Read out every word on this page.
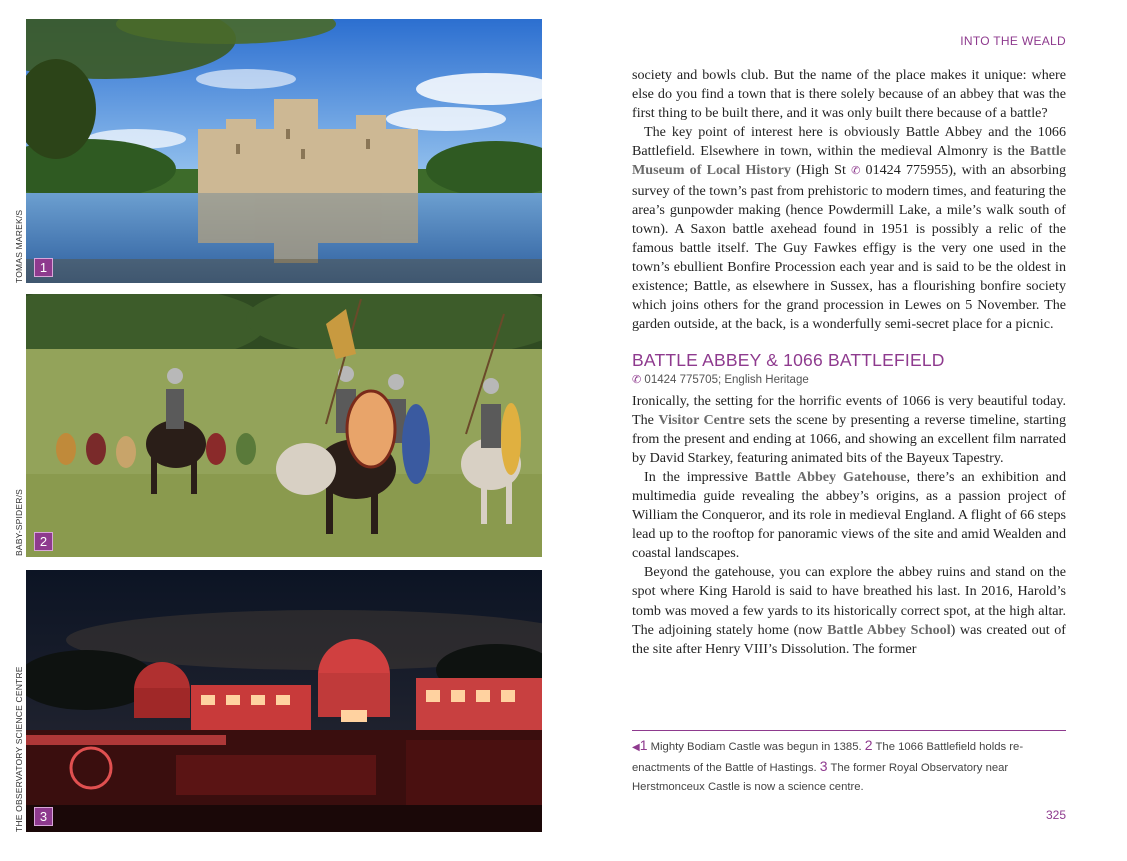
TOMAS MAREK/S
BABY-SPIDER/S
THE OBSERVATORY SCIENCE CENTRE
1
2
3
INTO THE WEALD

society and bowls club. But the name of the place makes it unique: where else do you find a town that is there solely because of an abbey that was the first thing to be built there, and it was only built there because of a battle?

The key point of interest here is obviously Battle Abbey and the 1066 Battlefield. Elsewhere in town, within the medieval Almonry is the Battle Museum of Local History (High St ✆ 01424 775955), with an absorbing survey of the town’s past from prehistoric to modern times, and featuring the area’s gunpowder making (hence Powdermill Lake, a mile’s walk south of town). A Saxon battle axehead found in 1951 is possibly a relic of the famous battle itself. The Guy Fawkes effigy is the very one used in the town’s ebullient Bonfire Procession each year and is said to be the oldest in existence; Battle, as elsewhere in Sussex, has a flourishing bonfire society which joins others for the grand procession in Lewes on 5 November. The garden outside, at the back, is a wonderfully semi-secret place for a picnic.

BATTLE ABBEY & 1066 BATTLEFIELD
✆ 01424 775705; English Heritage

Ironically, the setting for the horrific events of 1066 is very beautiful today. The Visitor Centre sets the scene by presenting a reverse timeline, starting from the present and ending at 1066, and showing an excellent film narrated by David Starkey, featuring animated bits of the Bayeux Tapestry.

In the impressive Battle Abbey Gatehouse, there’s an exhibition and multimedia guide revealing the abbey’s origins, as a passion project of William the Conqueror, and its role in medieval England. A flight of 66 steps lead up to the rooftop for panoramic views of the site and amid Wealden and coastal landscapes.

Beyond the gatehouse, you can explore the abbey ruins and stand on the spot where King Harold is said to have breathed his last. In 2016, Harold’s tomb was moved a few yards to its historically correct spot, at the high altar. The adjoining stately home (now Battle Abbey School) was created out of the site after Henry VIII’s Dissolution. The former

◀1 Mighty Bodiam Castle was begun in 1385. 2 The 1066 Battlefield holds re-enactments of the Battle of Hastings. 3 The former Royal Observatory near Herstmonceux Castle is now a science centre.
325
